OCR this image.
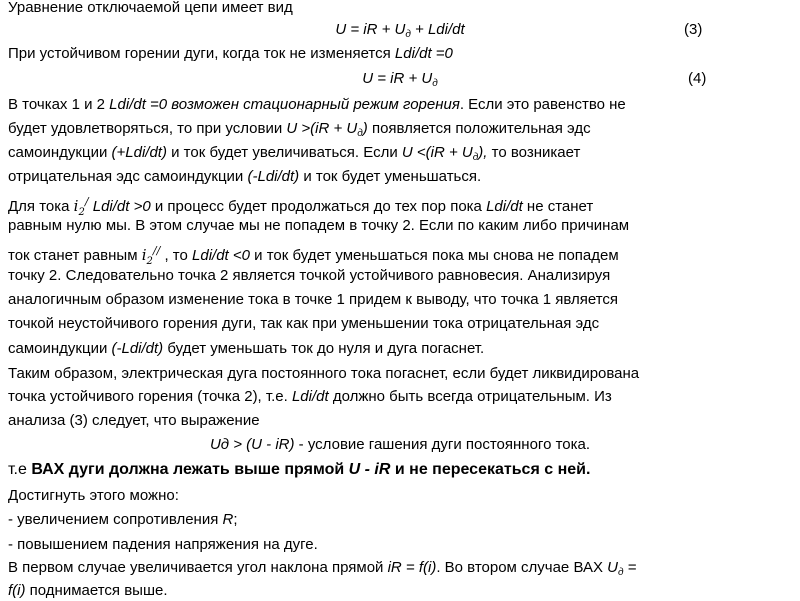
Уравнение отключаемой цепи имеет вид
U = iR + $U_д + Ldi/dt$	(3)
При устойчивом горении дуги, когда ток не изменяется Ldi/dt =0
U = iR + $U_д$	(4)
В точках 1 и 2 Ldi/dt =0 возможен стационарный режим горения. Если это равенство не
будет удовлетворяться, то при условии $U >(iR + U_д)$ появляется положительная эдс
самоиндукции (+Ldi/dt) и ток будет увеличиваться. Если $U <(iR + U_д)$, то возникает
отрицательная эдс самоиндукции (-Ldi/dt) и ток будет уменьшаться.
Для тока $i_2^/$ Ldi/dt >0 и процесс будет продолжаться до тех пор пока Ldi/dt не станет
равным нулю мы. В этом случае мы не попадем в точку 2. Если по каким либо причинам
ток станет равным $i_2^{//}$ , то Ldi/dt <0 и ток будет уменьшаться пока мы снова не попадем
точку 2. Следовательно точка 2 является точкой устойчивого равновесия. Анализируя
аналогичным образом изменение тока в точке 1 придем к выводу, что точка 1 является
точкой неустойчивого горения дуги, так как при уменьшении тока отрицательная эдс
самоиндукции (-Ldi/dt) будет уменьшать ток до нуля и дуга погаснет.
Таким образом, электрическая дуга постоянного тока погаснет, если будет ликвидирована
точка устойчивого горения (точка 2), т.е. Ldi/dt должно быть всегда отрицательным. Из
анализа (3) следует, что выражение
Uд > (U - iR) - условие гашения дуги постоянного тока.
т.е ВАХ дуги должна лежать выше прямой U - iR и не пересекаться с ней.
Достигнуть этого можно:
- увеличением сопротивления R;
- повышением падения напряжения на дуге.
В первом случае увеличивается угол наклона прямой iR = f(i). Во втором случае ВАХ $U_д$ =
f(i) поднимается выше.
